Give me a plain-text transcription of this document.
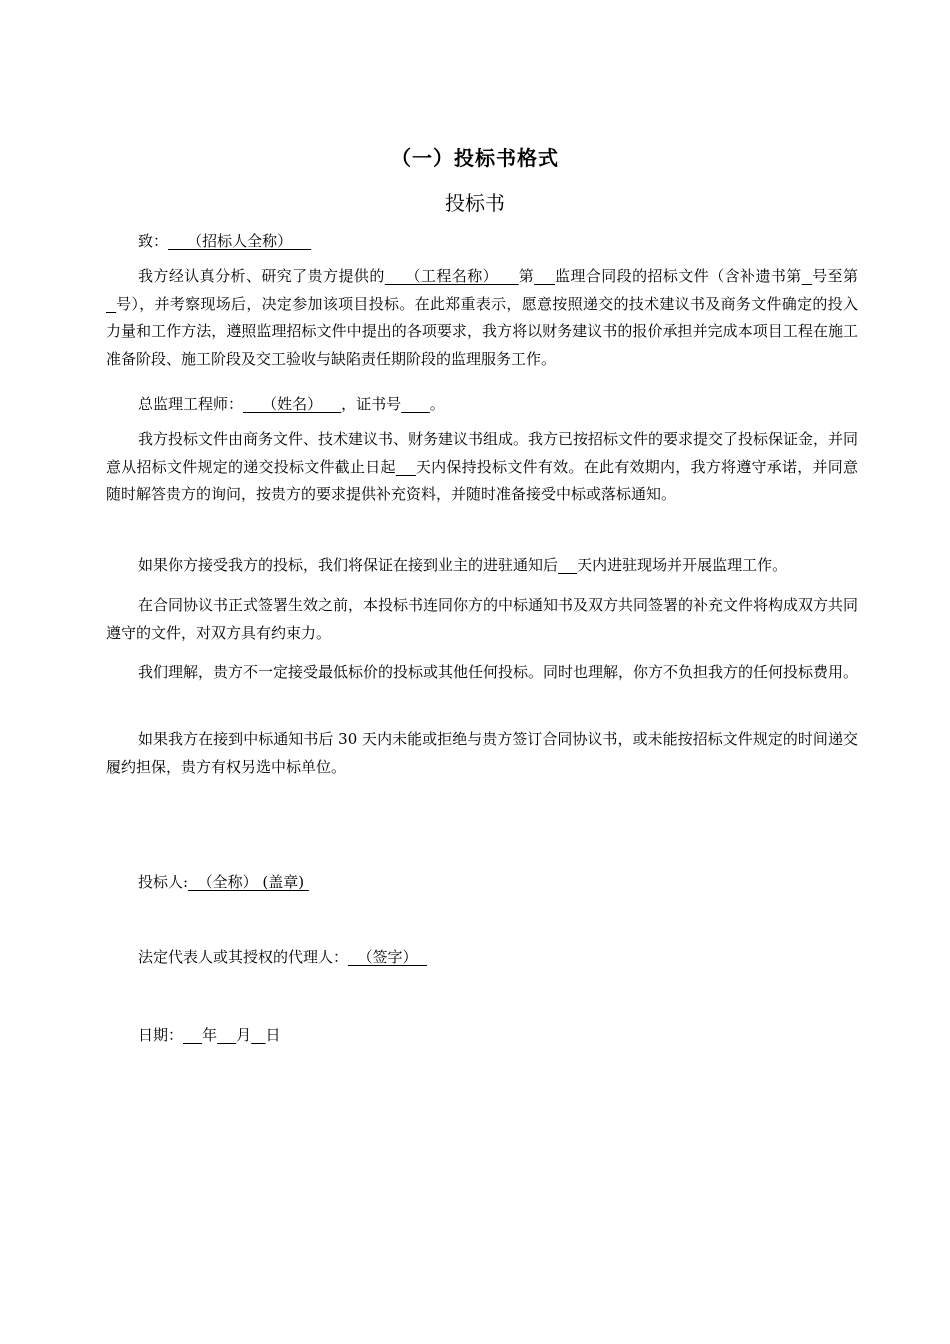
（一）投标书格式
投标书
致：    （招标人全称）

我方经认真分析、研究了贵方提供的    （工程名称）    第 监理合同段的招标文件（含补遗书第 号至第  号），并考察现场后，决定参加该项目投标。在此郑重表示，愿意按照递交的技术建议书及商务文件确定的投入力量和工作方法，遵照监理招标文件中提出的各项要求，我方将以财务建议书的报价承担并完成本项目工程在施工准备阶段、施工阶段及交工验收与缺陷责任期阶段的监理服务工作。

总监理工程师：    （姓名）    ，证书号 。

我方投标文件由商务文件、技术建议书、财务建议书组成。我方已按招标文件的要求提交了投标保证金，并同意从招标文件规定的递交投标文件截止日起 天内保持投标文件有效。在此有效期内，我方将遵守承诺，并同意随时解答贵方的询问，按贵方的要求提供补充资料，并随时准备接受中标或落标通知。

如果你方接受我方的投标，我们将保证在接到业主的进驻通知后 天内进驻现场并开展监理工作。

在合同协议书正式签署生效之前，本投标书连同你方的中标通知书及双方共同签署的补充文件将构成双方共同遵守的文件，对双方具有约束力。

我们理解，贵方不一定接受最低标价的投标或其他任何投标。同时也理解，你方不负担我方的任何投标费用。

如果我方在接到中标通知书后 30 天内未能或拒绝与贵方签订合同协议书，或未能按招标文件规定的时间递交履约担保，贵方有权另选中标单位。

投标人:  （全称） (盖章)
法定代表人或其授权的代理人：  （签字）
日期： 年 月 日
